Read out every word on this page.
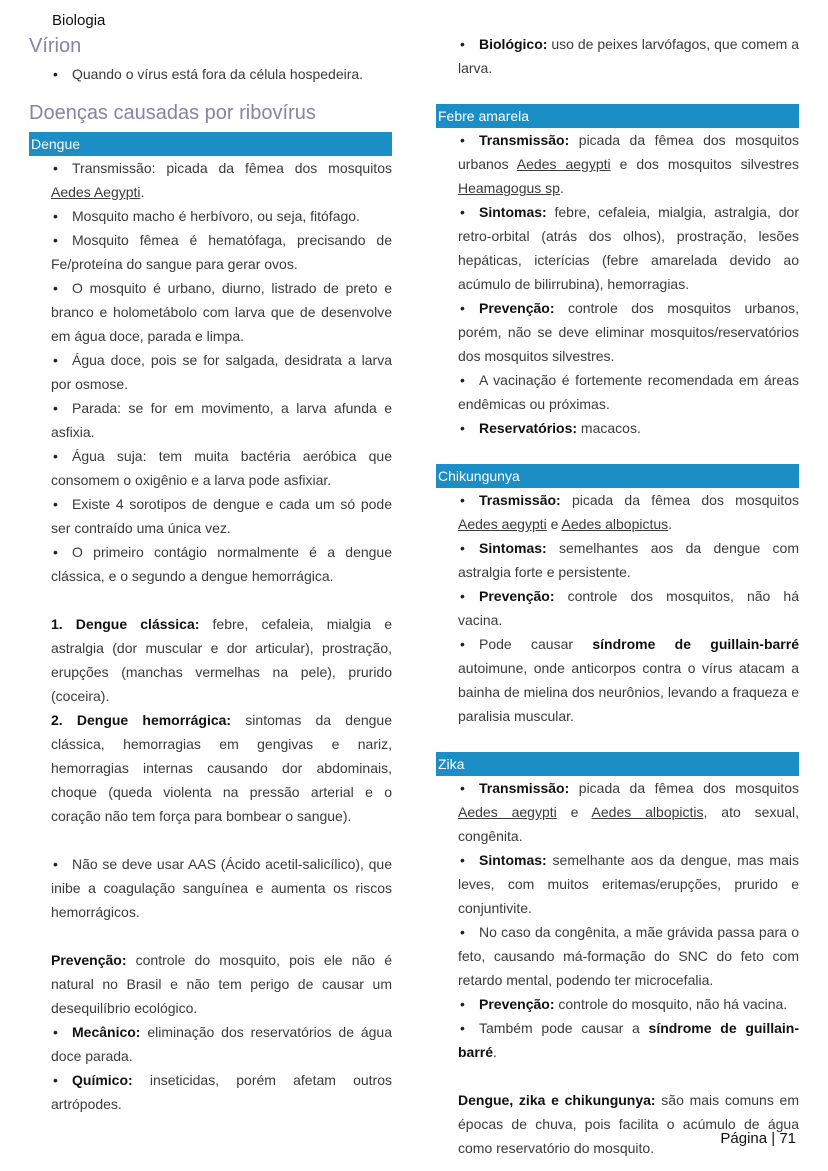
Biologia
Vírion

• Quando o vírus está fora da célula hospedeira.

Doenças causadas por ribovírus
Dengue

• Transmissão: picada da fêmea dos mosquitos Aedes Aegypti.

• Mosquito macho é herbívoro, ou seja, fitófago.

• Mosquito fêmea é hematófaga, precisando de Fe/proteína do sangue para gerar ovos.

• O mosquito é urbano, diurno, listrado de preto e branco e holometábolo com larva que de desenvolve em água doce, parada e limpa.

• Água doce, pois se for salgada, desidrata a larva por osmose.

• Parada: se for em movimento, a larva afunda e asfixia.

• Água suja: tem muita bactéria aeróbica que consomem o oxigênio e a larva pode asfixiar.

• Existe 4 sorotipos de dengue e cada um só pode ser contraído uma única vez.

• O primeiro contágio normalmente é a dengue clássica, e o segundo a dengue hemorrágica.

1. Dengue clássica: febre, cefaleia, mialgia e astralgia (dor muscular e dor articular), prostração, erupções (manchas vermelhas na pele), prurido (coceira).

2. Dengue hemorrágica: sintomas da dengue clássica, hemorragias em gengivas e nariz, hemorragias internas causando dor abdominais, choque (queda violenta na pressão arterial e o coração não tem força para bombear o sangue).

• Não se deve usar AAS (Ácido acetil-salicílico), que inibe a coagulação sanguínea e aumenta os riscos hemorrágicos.

Prevenção: controle do mosquito, pois ele não é natural no Brasil e não tem perigo de causar um desequilíbrio ecológico.

• Mecânico: eliminação dos reservatórios de água doce parada.

• Químico: inseticidas, porém afetam outros artrópodes.

• Biológico: uso de peixes larvófagos, que comem a larva.

Febre amarela

• Transmissão: picada da fêmea dos mosquitos urbanos Aedes aegypti e dos mosquitos silvestres Heamagogus sp.

• Sintomas: febre, cefaleia, mialgia, astralgia, dor retro-orbital (atrás dos olhos), prostração, lesões hepáticas, icterícias (febre amarelada devido ao acúmulo de bilirrubina), hemorragias.

• Prevenção: controle dos mosquitos urbanos, porém, não se deve eliminar mosquitos/reservatórios dos mosquitos silvestres.

• A vacinação é fortemente recomendada em áreas endêmicas ou próximas.

• Reservatórios: macacos.

Chikungunya

• Trasmissão: picada da fêmea dos mosquitos Aedes aegypti e Aedes albopictus.

• Sintomas: semelhantes aos da dengue com astralgia forte e persistente.

• Prevenção: controle dos mosquitos, não há vacina.

• Pode causar síndrome de guillain-barré autoimune, onde anticorpos contra o vírus atacam a bainha de mielina dos neurônios, levando a fraqueza e paralisia muscular.

Zika

• Transmissão: picada da fêmea dos mosquitos Aedes aegypti e Aedes albopictis, ato sexual, congênita.

• Sintomas: semelhante aos da dengue, mas mais leves, com muitos eritemas/erupções, prurido e conjuntivite.

• No caso da congênita, a mãe grávida passa para o feto, causando má-formação do SNC do feto com retardo mental, podendo ter microcefalia.

• Prevenção: controle do mosquito, não há vacina.

• Também pode causar a síndrome de guillain-barré.

Dengue, zika e chikungunya: são mais comuns em épocas de chuva, pois facilita o acúmulo de água como reservatório do mosquito.

Página | 71
